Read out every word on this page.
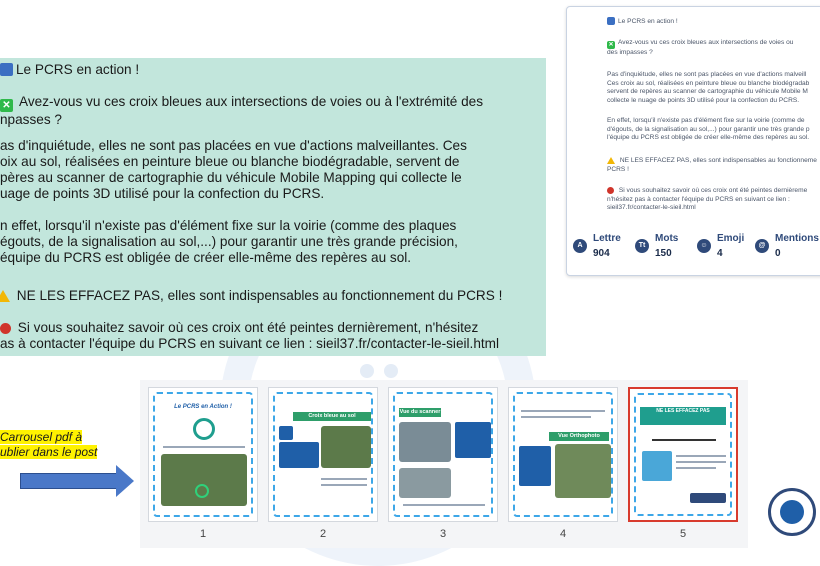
Le PCRS en action !

✕ Avez-vous vu ces croix bleues aux intersections de voies ou à l'extrémité des

npasses ?

as d'inquiétude, elles ne sont pas placées en vue d'actions malveillantes. Ces

oix au sol, réalisées en peinture bleue ou blanche biodégradable, servent de

pères au scanner de cartographie du véhicule Mobile Mapping qui collecte le

uage de points 3D utilisé pour la confection du PCRS.

n effet, lorsqu'il n'existe pas d'élément fixe sur la voirie (comme des plaques

égouts, de la signalisation au sol,...) pour garantir une très grande précision,

équipe du PCRS est obligée de créer elle-même des repères au sol.

NE LES EFFACEZ PAS, elles sont indispensables au fonctionnement du PCRS !

Si vous souhaitez savoir où ces croix ont été peintes dernièrement, n'hésitez

as à contacter l'équipe du PCRS en suivant ce lien : sieil37.fr/contacter-le-sieil.html

Le PCRS en action !
✕ Avez-vous vu ces croix bleues aux intersections de voies ou
des impasses ?
Pas d'inquiétude, elles ne sont pas placées en vue d'actions malveill
Ces croix au sol, réalisées en peinture bleue ou blanche biodégradab
servent de repères au scanner de cartographie du véhicule Mobile M
collecte le nuage de points 3D utilisé pour la confection du PCRS.
En effet, lorsqu'il n'existe pas d'élément fixe sur la voirie (comme de
d'égouts, de la signalisation au sol,...) pour garantir une très grande p
l'équipe du PCRS est obligée de créer elle-même des repères au sol.
NE LES EFFACEZ PAS, elles sont indispensables au fonctionneme
PCRS !
Si vous souhaitez savoir où ces croix ont été peintes dernièreme
n'hésitez pas à contacter l'équipe du PCRS en suivant ce lien :
sieil37.fr/contacter-le-sieil.html
A
Lettre
904
Tt
Mots
150
☺
Emoji
4
@
Mentions
0
Carrousel pdf à
ublier dans le post
Le PCRS en Action !
1
Croix bleue au sol
2
Vue du scanner
3
Vue Orthophoto
4
NE LES EFFACEZ PAS
5
